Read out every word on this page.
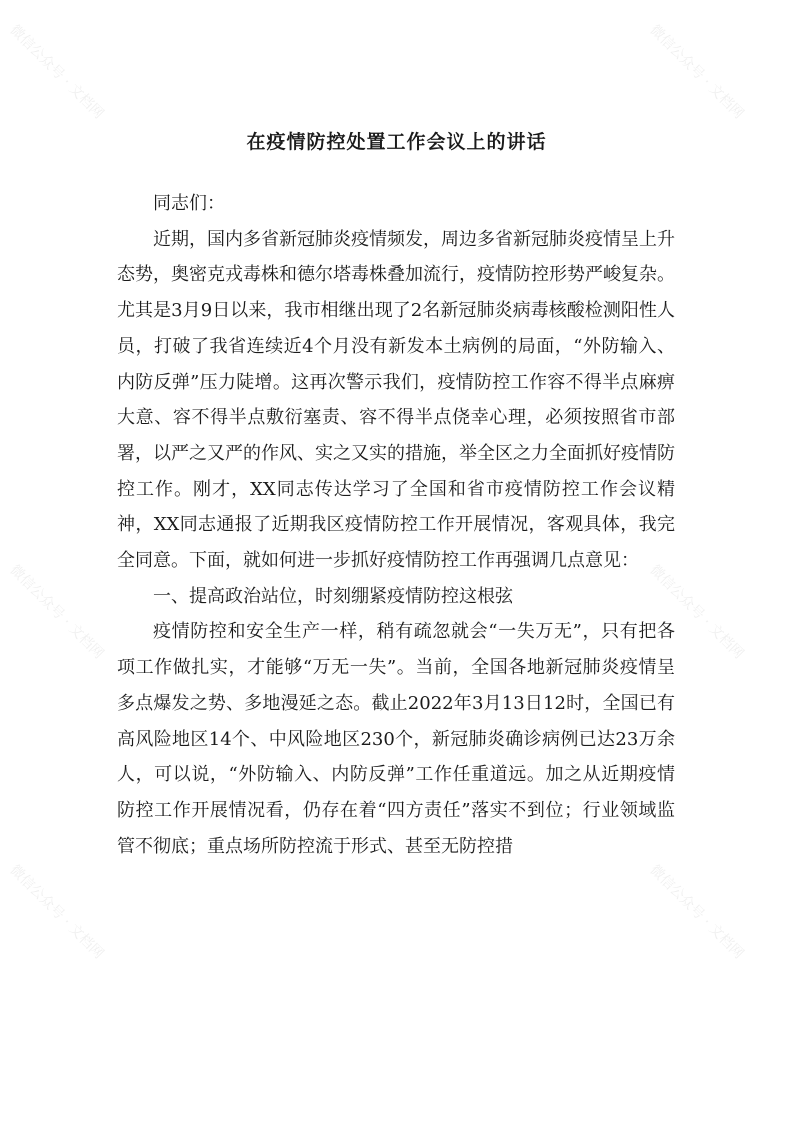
微信公众号 · 文档网	微信公众号 · 文档网
微信公众号 · 文档网	微信公众号 · 文档网
微信公众号 · 文档网	微信公众号 · 文档网
在疫情防控处置工作会议上的讲话

同志们：

近期，国内多省新冠肺炎疫情频发，周边多省新冠肺炎疫情呈上升态势，奥密克戎毒株和德尔塔毒株叠加流行，疫情防控形势严峻复杂。尤其是3月9日以来，我市相继出现了2名新冠肺炎病毒核酸检测阳性人员，打破了我省连续近4个月没有新发本土病例的局面，“外防输入、内防反弹”压力陡增。这再次警示我们，疫情防控工作容不得半点麻痹大意、容不得半点敷衍塞责、容不得半点侥幸心理，必须按照省市部署，以严之又严的作风、实之又实的措施，举全区之力全面抓好疫情防控工作。刚才，XX同志传达学习了全国和省市疫情防控工作会议精神，XX同志通报了近期我区疫情防控工作开展情况，客观具体，我完全同意。下面，就如何进一步抓好疫情防控工作再强调几点意见：

一、提高政治站位，时刻绷紧疫情防控这根弦

疫情防控和安全生产一样，稍有疏忽就会“一失万无”，只有把各项工作做扎实，才能够“万无一失”。当前，全国各地新冠肺炎疫情呈多点爆发之势、多地漫延之态。截止2022年3月13日12时，全国已有高风险地区14个、中风险地区230个，新冠肺炎确诊病例已达23万余人，可以说，“外防输入、内防反弹”工作任重道远。加之从近期疫情防控工作开展情况看，仍存在着“四方责任”落实不到位；行业领域监管不彻底；重点场所防控流于形式、甚至无防控措
